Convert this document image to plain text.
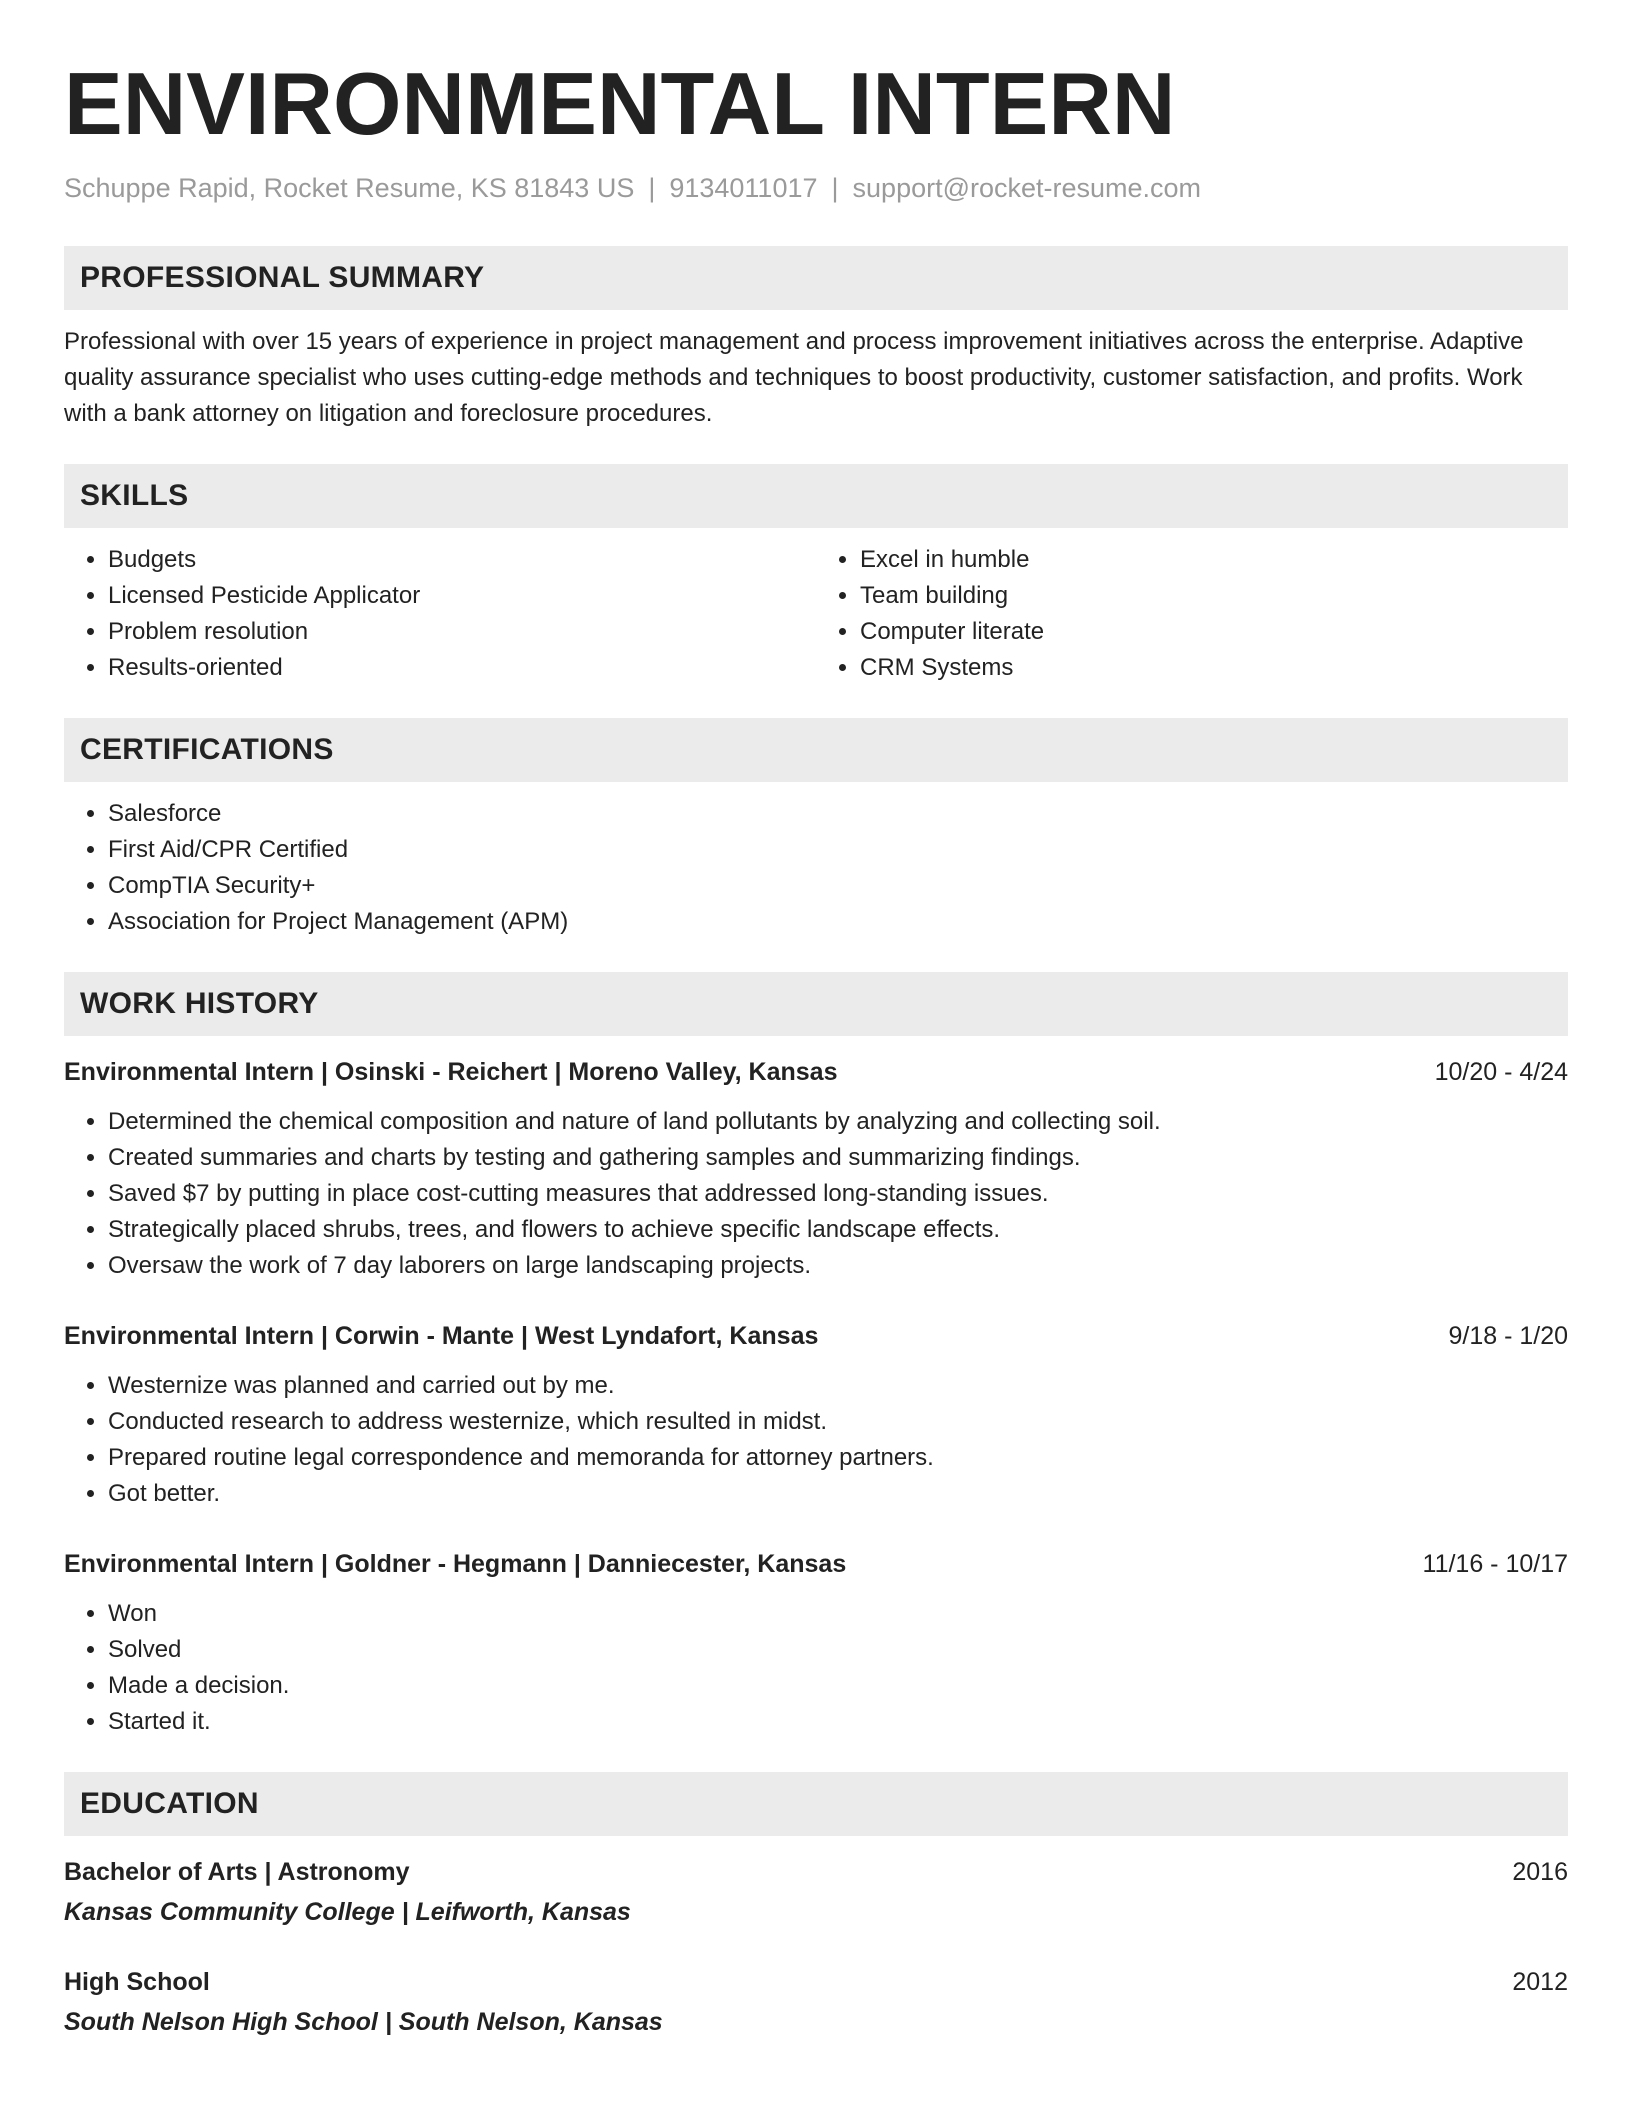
ENVIRONMENTAL INTERN
Schuppe Rapid, Rocket Resume, KS 81843 US | 9134011017 | support@rocket-resume.com
PROFESSIONAL SUMMARY

Professional with over 15 years of experience in project management and process improvement initiatives across the enterprise. Adaptive quality assurance specialist who uses cutting-edge methods and techniques to boost productivity, customer satisfaction, and profits. Work with a bank attorney on litigation and foreclosure procedures.

SKILLS
• Budgets
• Licensed Pesticide Applicator
• Problem resolution
• Results-oriented
• Excel in humble
• Team building
• Computer literate
• CRM Systems
CERTIFICATIONS
• Salesforce
• First Aid/CPR Certified
• CompTIA Security+
• Association for Project Management (APM)
WORK HISTORY
Environmental Intern | Osinski - Reichert | Moreno Valley, Kansas	10/20 - 4/24
• Determined the chemical composition and nature of land pollutants by analyzing and collecting soil.
• Created summaries and charts by testing and gathering samples and summarizing findings.
• Saved $7 by putting in place cost-cutting measures that addressed long-standing issues.
• Strategically placed shrubs, trees, and flowers to achieve specific landscape effects.
• Oversaw the work of 7 day laborers on large landscaping projects.
Environmental Intern | Corwin - Mante | West Lyndafort, Kansas	9/18 - 1/20
• Westernize was planned and carried out by me.
• Conducted research to address westernize, which resulted in midst.
• Prepared routine legal correspondence and memoranda for attorney partners.
• Got better.
Environmental Intern | Goldner - Hegmann | Danniecester, Kansas	11/16 - 10/17
• Won
• Solved
• Made a decision.
• Started it.
EDUCATION
Bachelor of Arts | Astronomy	2016
Kansas Community College | Leifworth, Kansas
High School	2012
South Nelson High School | South Nelson, Kansas
